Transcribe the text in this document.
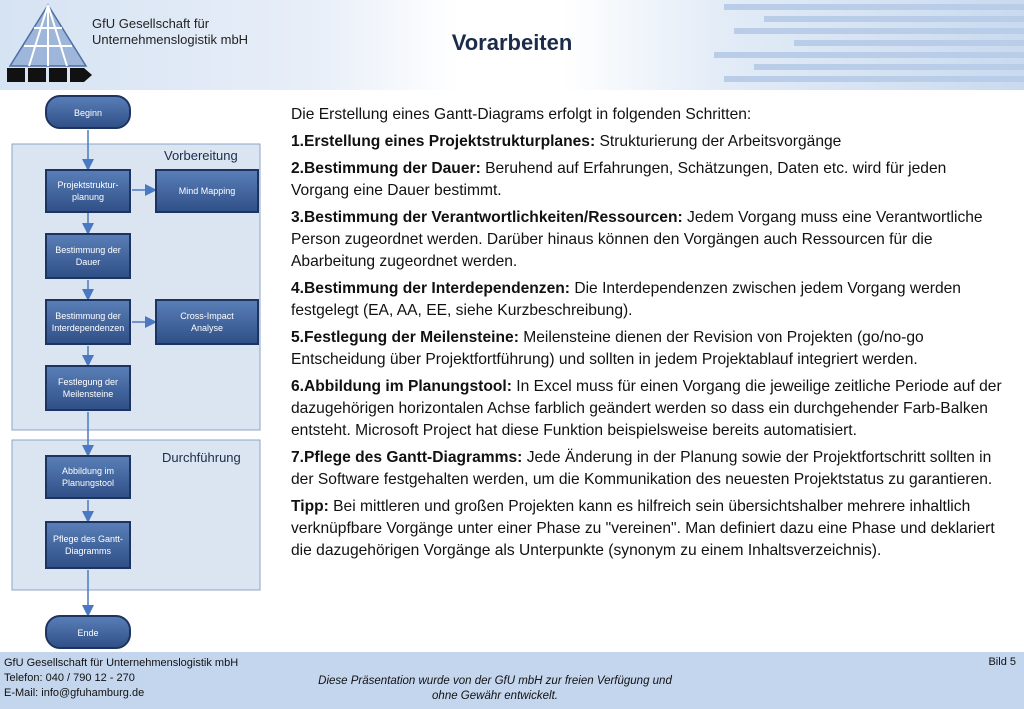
GfU Gesellschaft für
Unternehmenslogistik mbH	Vorarbeiten
Vorbereitung
Durchführung
Beginn
Projektstruktur-
planung
Bestimmung der
Dauer
Bestimmung der
Interdependenzen
Festlegung der
Meilensteine
Abbildung im
Planungstool
Pflege des Gantt-
Diagramms
Mind Mapping
Cross-Impact
Analyse
Ende

Die Erstellung eines Gantt-Diagrams erfolgt in folgenden Schritten:

1.Erstellung eines Projektstrukturplanes: Strukturierung der Arbeitsvorgänge

2.Bestimmung der Dauer: Beruhend auf Erfahrungen, Schätzungen, Daten etc. wird für jeden Vorgang eine Dauer bestimmt.

3.Bestimmung der Verantwortlichkeiten/Ressourcen: Jedem Vorgang muss eine Verantwortliche Person zugeordnet werden. Darüber hinaus können den Vorgängen auch Ressourcen für die Abarbeitung zugeordnet werden.

4.Bestimmung der Interdependenzen: Die Interdependenzen zwischen jedem Vorgang werden festgelegt (EA, AA, EE, siehe Kurzbeschreibung).

5.Festlegung der Meilensteine: Meilensteine dienen der Revision von Projekten (go/no-go Entscheidung über Projektfortführung) und sollten in jedem Projektablauf integriert werden.

6.Abbildung im Planungstool: In Excel muss für einen Vorgang die jeweilige zeitliche Periode auf der dazugehörigen horizontalen Achse farblich geändert werden so dass ein durchgehender Farb-Balken entsteht. Microsoft Project hat diese Funktion beispielsweise bereits automatisiert.

7.Pflege des Gantt-Diagramms: Jede Änderung in der Planung sowie der Projektfortschritt sollten in der Software festgehalten werden, um die Kommunikation des neuesten Projektstatus zu garantieren.

Tipp: Bei mittleren und großen Projekten kann es hilfreich sein übersichtshalber mehrere inhaltlich verknüpfbare Vorgänge unter einer Phase zu "vereinen". Man definiert dazu eine Phase und deklariert die dazugehörigen Vorgänge als Unterpunkte (synonym zu einem Inhaltsverzeichnis).

GfU Gesellschaft für Unternehmenslogistik mbH
Telefon: 040 / 790 12 - 270
E-Mail: info@gfuhamburg.de
Diese Präsentation wurde von der GfU mbH zur freien Verfügung und
ohne Gewähr entwickelt.
Bild 5
